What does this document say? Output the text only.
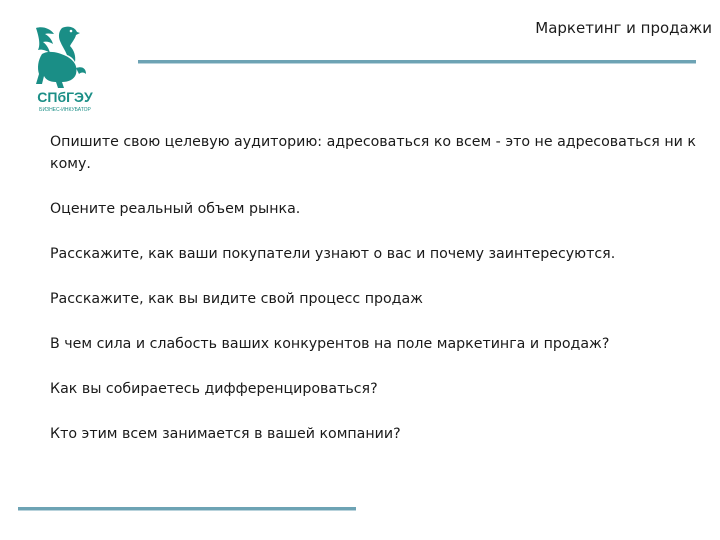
СПбГЭУ
БИЗНЕС-ИНКУБАТОР
Маркетинг и продажи

Опишите свою целевую аудиторию: адресоваться ко всем - это не адресоваться ни к кому.

Оцените реальный объем рынка.

Расскажите, как ваши покупатели узнают о вас и почему заинтересуются.

Расскажите, как вы видите свой процесс продаж

В чем сила и слабость ваших конкурентов на поле маркетинга и продаж?

Как вы собираетесь дифференцироваться?

Кто этим всем занимается в вашей компании?
